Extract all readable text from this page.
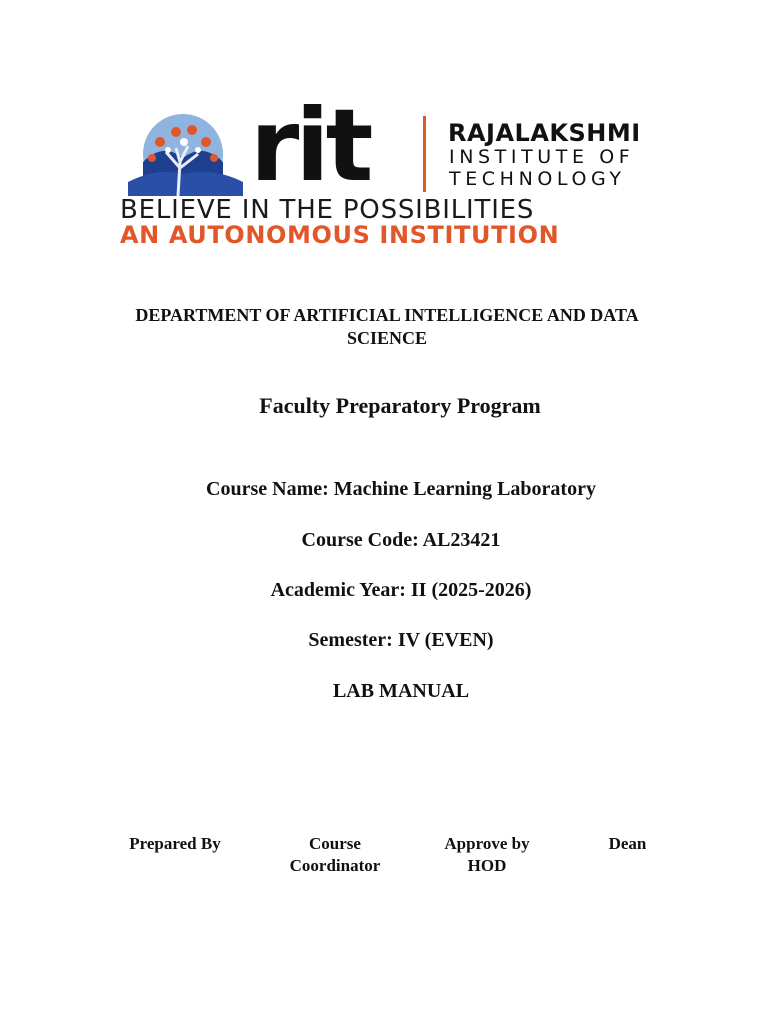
rit	RAJALAKSHMI
INSTITUTE OF
TECHNOLOGY
BELIEVE IN THE POSSIBILITIES
AN AUTONOMOUS INSTITUTION
DEPARTMENT OF ARTIFICIAL INTELLIGENCE AND DATA SCIENCE
Faculty Preparatory Program
Course Name: Machine Learning Laboratory
Course Code: AL23421
Academic Year: II (2025-2026)
Semester: IV (EVEN)
LAB MANUAL
Prepared By	Course
Coordinator
Approve by
HOD
Dean
